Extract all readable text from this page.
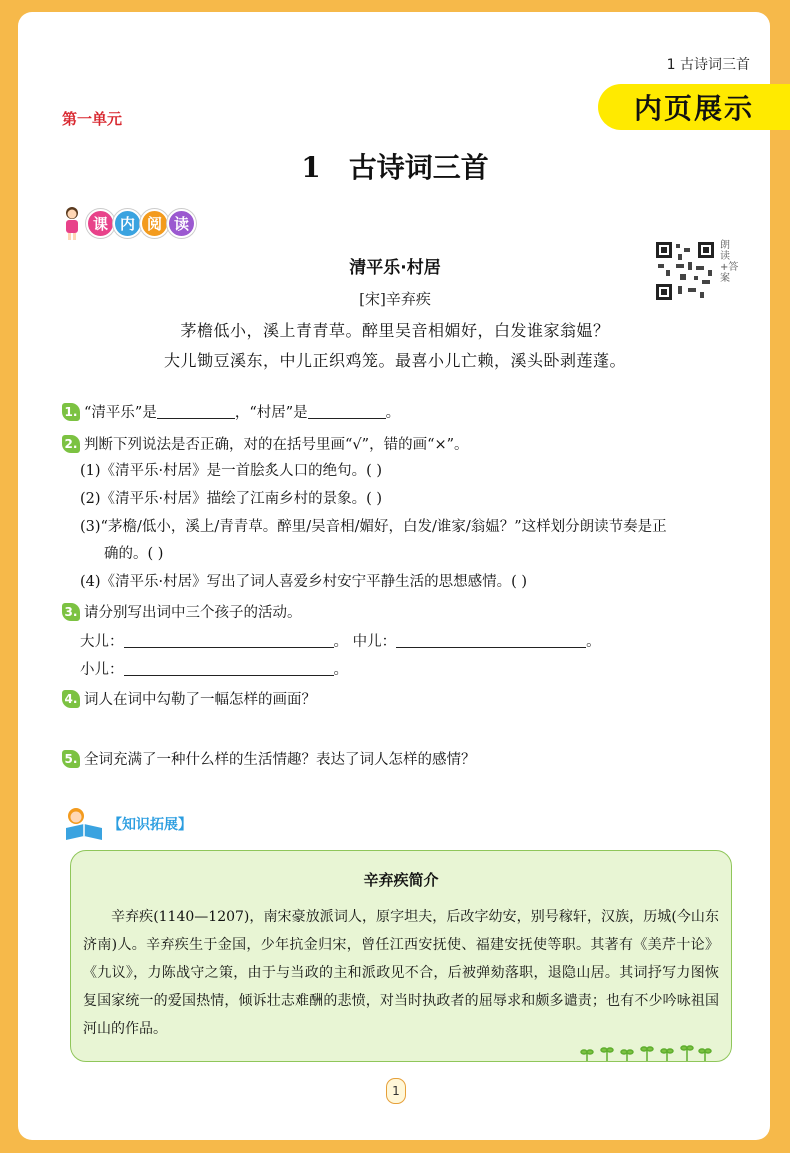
1 古诗词三首
内页展示
第一单元
1 古诗词三首
课 内 阅 读
清平乐·村居
[宋]辛弃疾
茅檐低小，溪上青青草。醉里吴音相媚好，白发谁家翁媪？
大儿锄豆溪东，中儿正织鸡笼。最喜小儿亡赖，溪头卧剥莲蓬。
朗读+答案
1. “清平乐”是	，“村居”是	。
2. 判断下列说法是否正确，对的在括号里画“√”，错的画“×”。
(1)《清平乐·村居》是一首脍炙人口的绝句。( )
(2)《清平乐·村居》描绘了江南乡村的景象。( )
(3)“茅檐/低小，溪上/青青草。醉里/吴音相/媚好，白发/谁家/翁媪？”这样划分朗读节奏是正
确的。( )
(4)《清平乐·村居》写出了词人喜爱乡村安宁平静生活的思想感情。( )
3. 请分别写出词中三个孩子的活动。
大儿：	。 中儿：	。
小儿：	。
4. 词人在词中勾勒了一幅怎样的画面？
5. 全词充满了一种什么样的生活情趣？表达了词人怎样的感情？
【知识拓展】
辛弃疾简介

辛弃疾(1140—1207)，南宋豪放派词人，原字坦夫，后改字幼安，别号稼轩，汉族，历城(今山东济南)人。辛弃疾生于金国，少年抗金归宋，曾任江西安抚使、福建安抚使等职。其著有《美芹十论》《九议》，力陈战守之策，由于与当政的主和派政见不合，后被弹劾落职，退隐山居。其词抒写力图恢复国家统一的爱国热情，倾诉壮志难酬的悲愤，对当时执政者的屈辱求和颇多谴责；也有不少吟咏祖国河山的作品。

1
